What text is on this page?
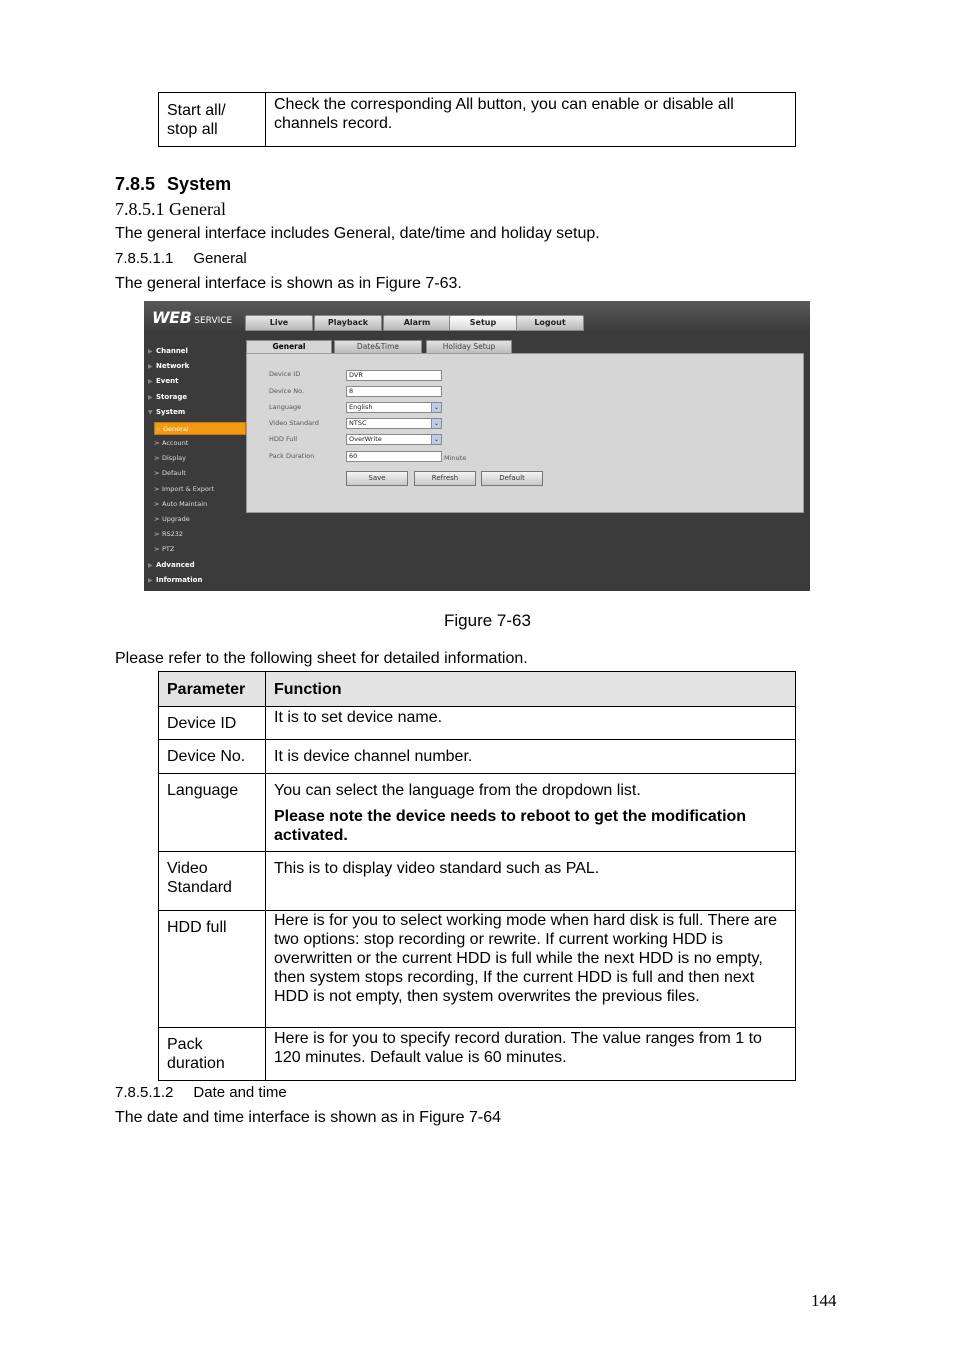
Start all/
stop all
	Check the corresponding All button, you can enable or disable all channels record.
7.8.5 System
7.8.5.1 General
The general interface includes General, date/time and holiday setup.
7.8.5.1.1 General
The general interface is shown as in Figure 7-63.
WEB SERVICE	Live	Playback	Alarm	Setup	Logout
▶ Channel
▶ Network
▶ Event
▶ Storage
▼ System
> General
> Account
> Display
> Default
> Import & Export
> Auto Maintain
> Upgrade
> RS232
> PTZ
▶ Advanced
▶ Information
General	Date&Time	Holiday Setup
Device ID	DVR
Device No.	8
Language	English	⌄
Video Standard	NTSC	⌄
HDD Full	OverWrite	⌄
Pack Duration	60	Minute
Save	Refresh	Default
Figure 7-63
Please refer to the following sheet for detailed information.
Parameter	Function
Device ID	It is to set device name.
Device No.	It is device channel number.
Language	You can select the language from the dropdown list.
Please note the device needs to reboot to get the modification activated.

Video
Standard	This is to display video standard such as PAL.
HDD full	Here is for you to select working mode when hard disk is full. There are two options: stop recording or rewrite. If current working HDD is overwritten or the current HDD is full while the next HDD is no empty, then system stops recording, If the current HDD is full and then next HDD is not empty, then system overwrites the previous files.

Pack
duration	Here is for you to specify record duration. The value ranges from 1 to 120 minutes. Default value is 60 minutes.
7.8.5.1.2 Date and time
The date and time interface is shown as in Figure 7-64
144
